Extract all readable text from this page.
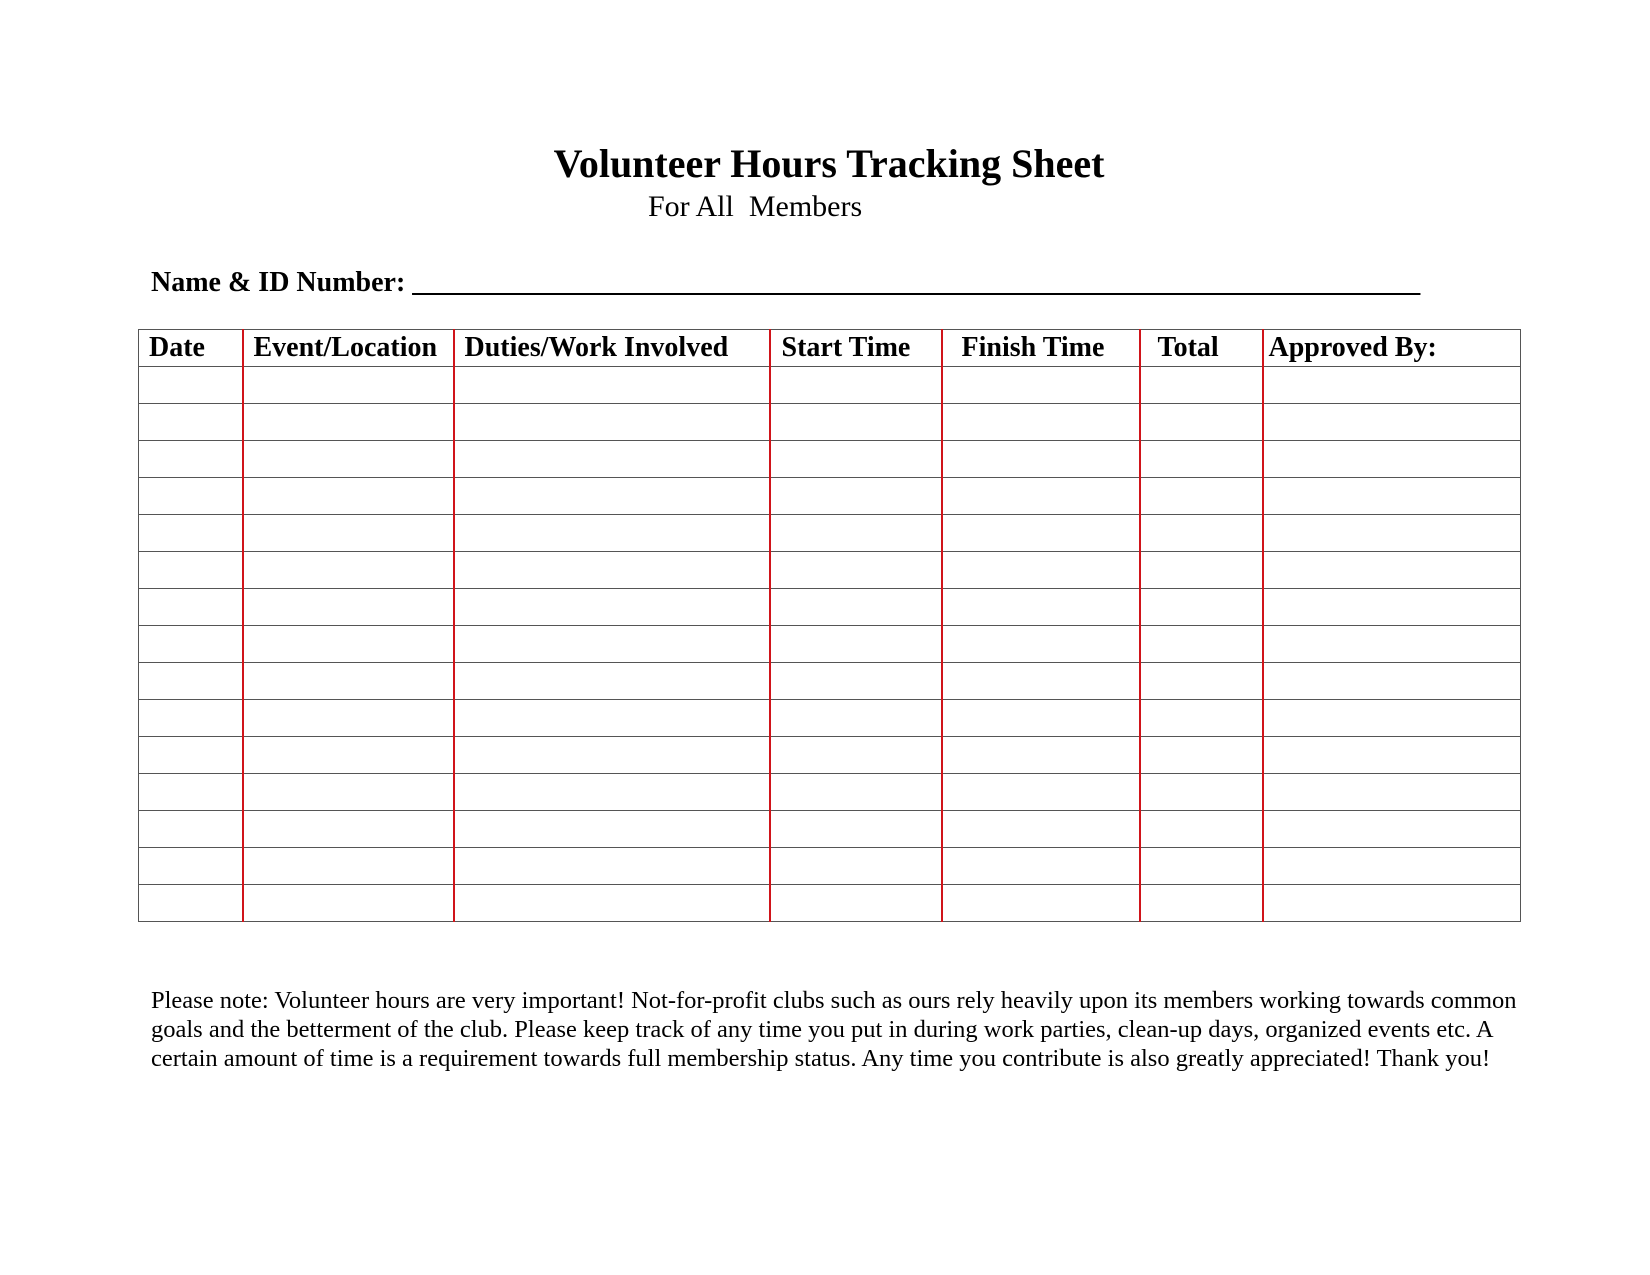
Volunteer Hours Tracking Sheet

For All  Members

Name & ID Number: ________________________________________________________________________

Date	Event/Location	Duties/Work Involved	Start Time	Finish Time	Total	Approved By:

Please note: Volunteer hours are very important! Not-for-profit clubs such as ours rely heavily upon its members working towards common goals and the betterment of the club. Please keep track of any time you put in during work parties, clean-up days, organized events etc. A certain amount of time is a requirement towards full membership status. Any time you contribute is also greatly appreciated! Thank you!
